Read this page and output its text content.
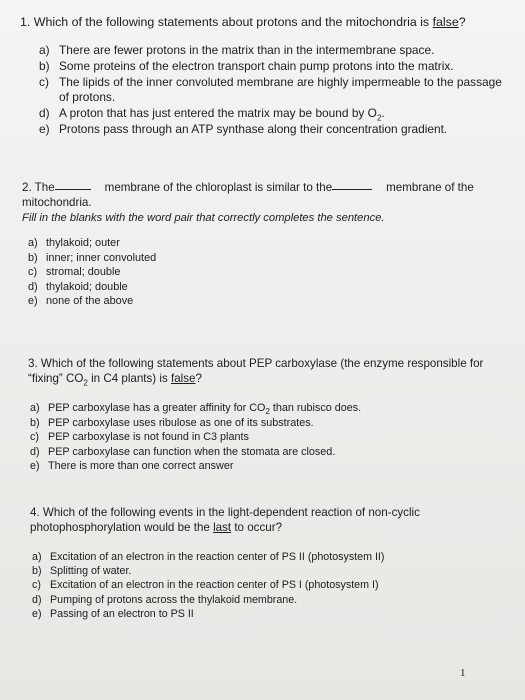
1. Which of the following statements about protons and the mitochondria is false?
a) There are fewer protons in the matrix than in the intermembrane space.
b) Some proteins of the electron transport chain pump protons into the matrix.
c) The lipids of the inner convoluted membrane are highly impermeable to the passage of protons.
d) A proton that has just entered the matrix may be bound by $O_2$.
e) Protons pass through an ATP synthase along their concentration gradient.
2. The	membrane of the chloroplast is similar to the	membrane of the
mitochondria.
Fill in the blanks with the word pair that correctly completes the sentence.
a) thylakoid; outer
b) inner; inner convoluted
c) stromal; double
d) thylakoid; double
e) none of the above
3. Which of the following statements about PEP carboxylase (the enzyme responsible for
“fixing” $CO_2$ in C4 plants) is false?
a) PEP carboxylase has a greater affinity for $CO_2$ than rubisco does.
b) PEP carboxylase uses ribulose as one of its substrates.
c) PEP carboxylase is not found in C3 plants
d) PEP carboxylase can function when the stomata are closed.
e) There is more than one correct answer
4. Which of the following events in the light-dependent reaction of non-cyclic
photophosphorylation would be the last to occur?
a) Excitation of an electron in the reaction center of PS II (photosystem II)
b) Splitting of water.
c) Excitation of an electron in the reaction center of PS I (photosystem I)
d) Pumping of protons across the thylakoid membrane.
e) Passing of an electron to PS II
1
